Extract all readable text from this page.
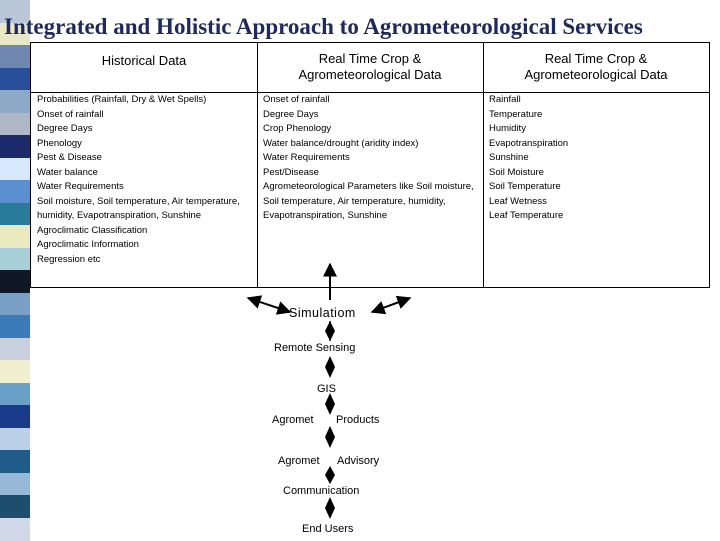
Integrated and Holistic Approach to Agrometeorological Services
Historical Data	Real Time Crop &
Agrometeorological Data
Real Time Crop &
Agrometeorological Data
Probabilities (Rainfall, Dry & Wet Spells)
Onset of rainfall
Degree Days
Phenology
Pest & Disease
Water balance
Water Requirements
Soil moisture, Soil temperature, Air temperature, humidity, Evapotranspiration, Sunshine
Agroclimatic Classification
Agroclimatic Information
Regression etc
Onset of rainfall
Degree Days
Crop Phenology
Water balance/drought (aridity index)
Water Requirements
Pest/Disease
Agrometeorological Parameters like Soil moisture, Soil temperature, Air temperature, humidity, Evapotranspiration, Sunshine
Rainfall
Temperature
Humidity
Evapotranspiration
Sunshine
Soil Moisture
Soil Temperature
Leaf Wetness
Leaf Temperature
Simulatiom
Remote Sensing
GIS
Agromet Products
Agromet Advisory
Communication
End Users
